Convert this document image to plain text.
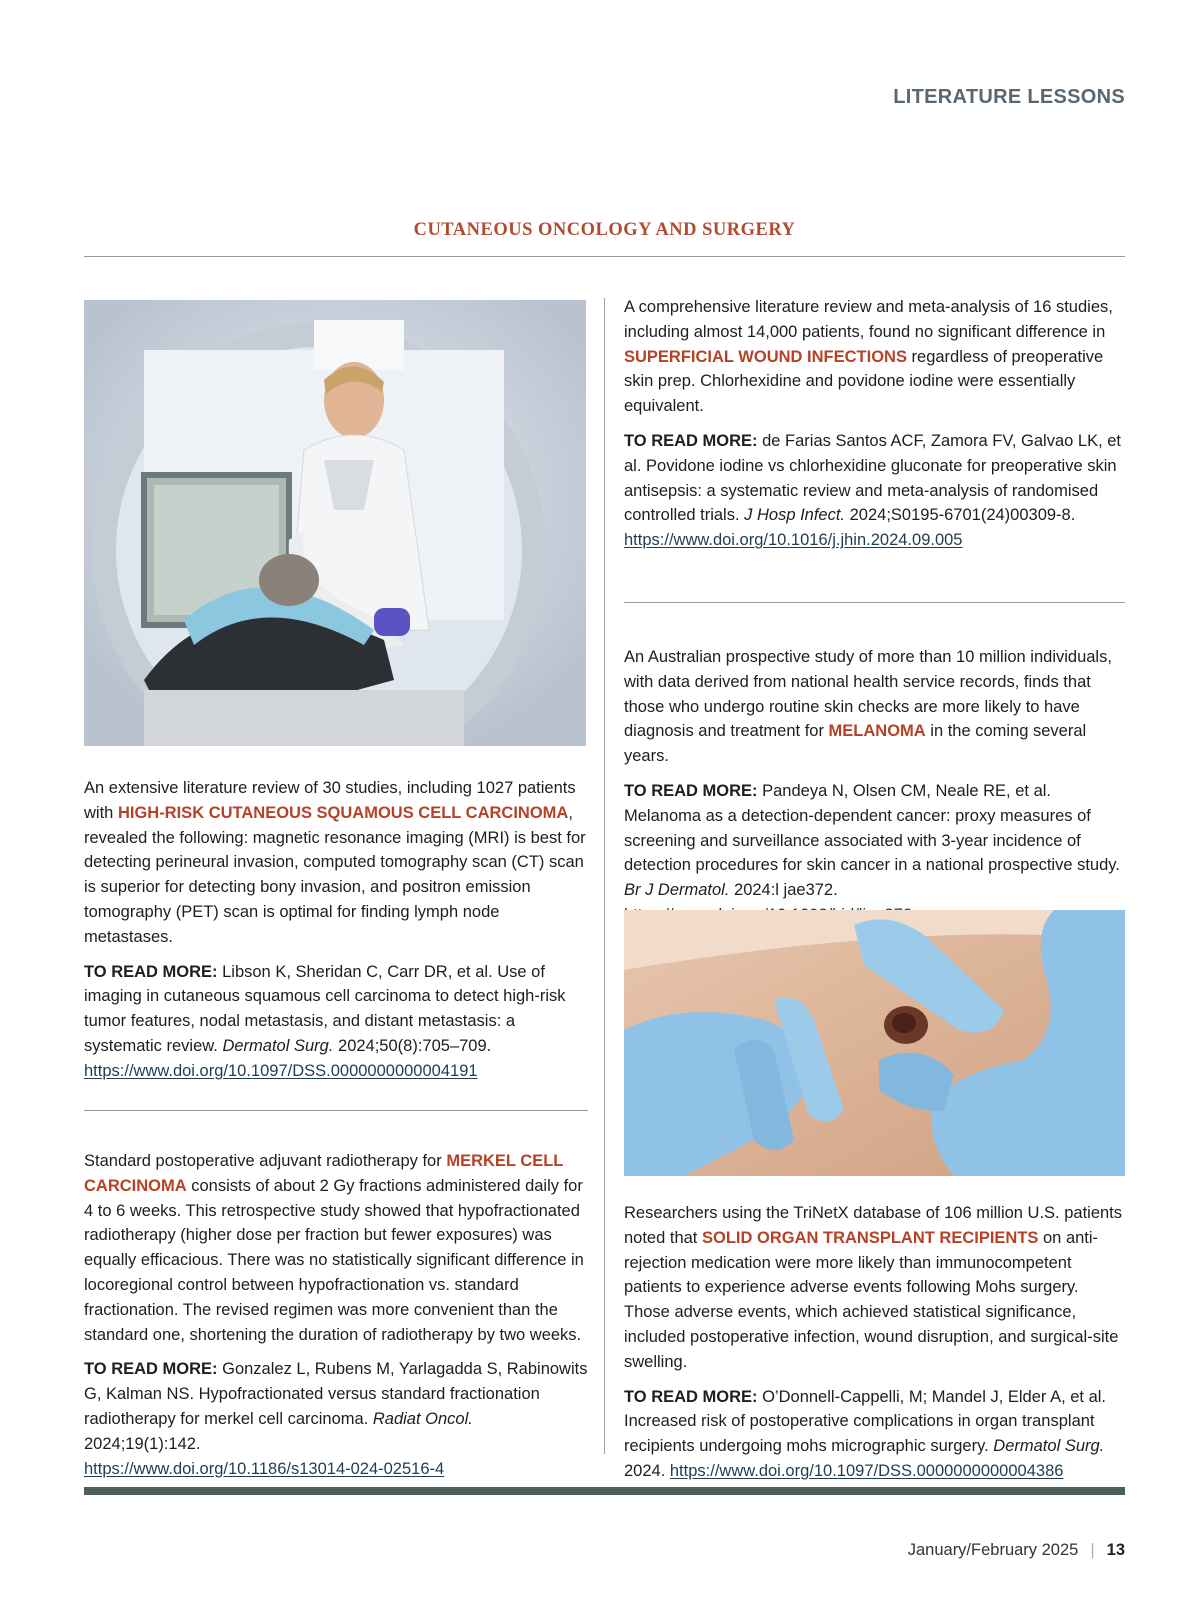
LITERATURE LESSONS
CUTANEOUS ONCOLOGY AND SURGERY

An extensive literature review of 30 studies, including 1027 patients with HIGH-RISK CUTANEOUS SQUAMOUS CELL CARCINOMA, revealed the following: magnetic resonance imaging (MRI) is best for detecting perineural invasion, computed tomography scan (CT) scan is superior for detecting bony invasion, and positron emission tomography (PET) scan is optimal for finding lymph node metastases.

TO READ MORE: Libson K, Sheridan C, Carr DR, et al. Use of imaging in cutaneous squamous cell carcinoma to detect high-risk tumor features, nodal metastasis, and distant metastasis: a systematic review. Dermatol Surg. 2024;50(8):705–709.
https://www.doi.org/10.1097/DSS.0000000000004191

Standard postoperative adjuvant radiotherapy for MERKEL CELL CARCINOMA consists of about 2 Gy fractions administered daily for 4 to 6 weeks. This retrospective study showed that hypofractionated radiotherapy (higher dose per fraction but fewer exposures) was equally efficacious. There was no statistically significant difference in locoregional control between hypofractionation vs. standard fractionation. The revised regimen was more convenient than the standard one, shortening the duration of radiotherapy by two weeks.

TO READ MORE: Gonzalez L, Rubens M, Yarlagadda S, Rabinowits G, Kalman NS. Hypofractionated versus standard fractionation radiotherapy for merkel cell carcinoma. Radiat Oncol. 2024;19(1):142.
https://www.doi.org/10.1186/s13014-024-02516-4

A comprehensive literature review and meta-analysis of 16 studies, including almost 14,000 patients, found no significant difference in SUPERFICIAL WOUND INFECTIONS regardless of preoperative skin prep. Chlorhexidine and povidone iodine were essentially equivalent.

TO READ MORE: de Farias Santos ACF, Zamora FV, Galvao LK, et al. Povidone iodine vs chlorhexidine gluconate for preoperative skin antisepsis: a systematic review and meta-analysis of randomised controlled trials. J Hosp Infect. 2024;S0195-6701(24)00309-8.
https://www.doi.org/10.1016/j.jhin.2024.09.005

An Australian prospective study of more than 10 million individuals, with data derived from national health service records, finds that those who undergo routine skin checks are more likely to have diagnosis and treatment for MELANOMA in the coming several years.

TO READ MORE: Pandeya N, Olsen CM, Neale RE, et al. Melanoma as a detection-dependent cancer: proxy measures of screening and surveillance associated with 3-year incidence of detection procedures for skin cancer in a national prospective study. Br J Dermatol. 2024:l jae372.

Researchers using the TriNetX database of 106 million U.S. patients noted that SOLID ORGAN TRANSPLANT RECIPIENTS on anti-rejection medication were more likely than immunocompetent patients to experience adverse events following Mohs surgery. Those adverse events, which achieved statistical significance, included postoperative infection, wound disruption, and surgical-site swelling.

TO READ MORE: O’Donnell-Cappelli, M; Mandel J, Elder A, et al. Increased risk of postoperative complications in organ transplant recipients undergoing mohs micrographic surgery. Dermatol Surg. 2024. https://www.doi.org/10.1097/DSS.0000000000004386

January/February 2025 | 13
